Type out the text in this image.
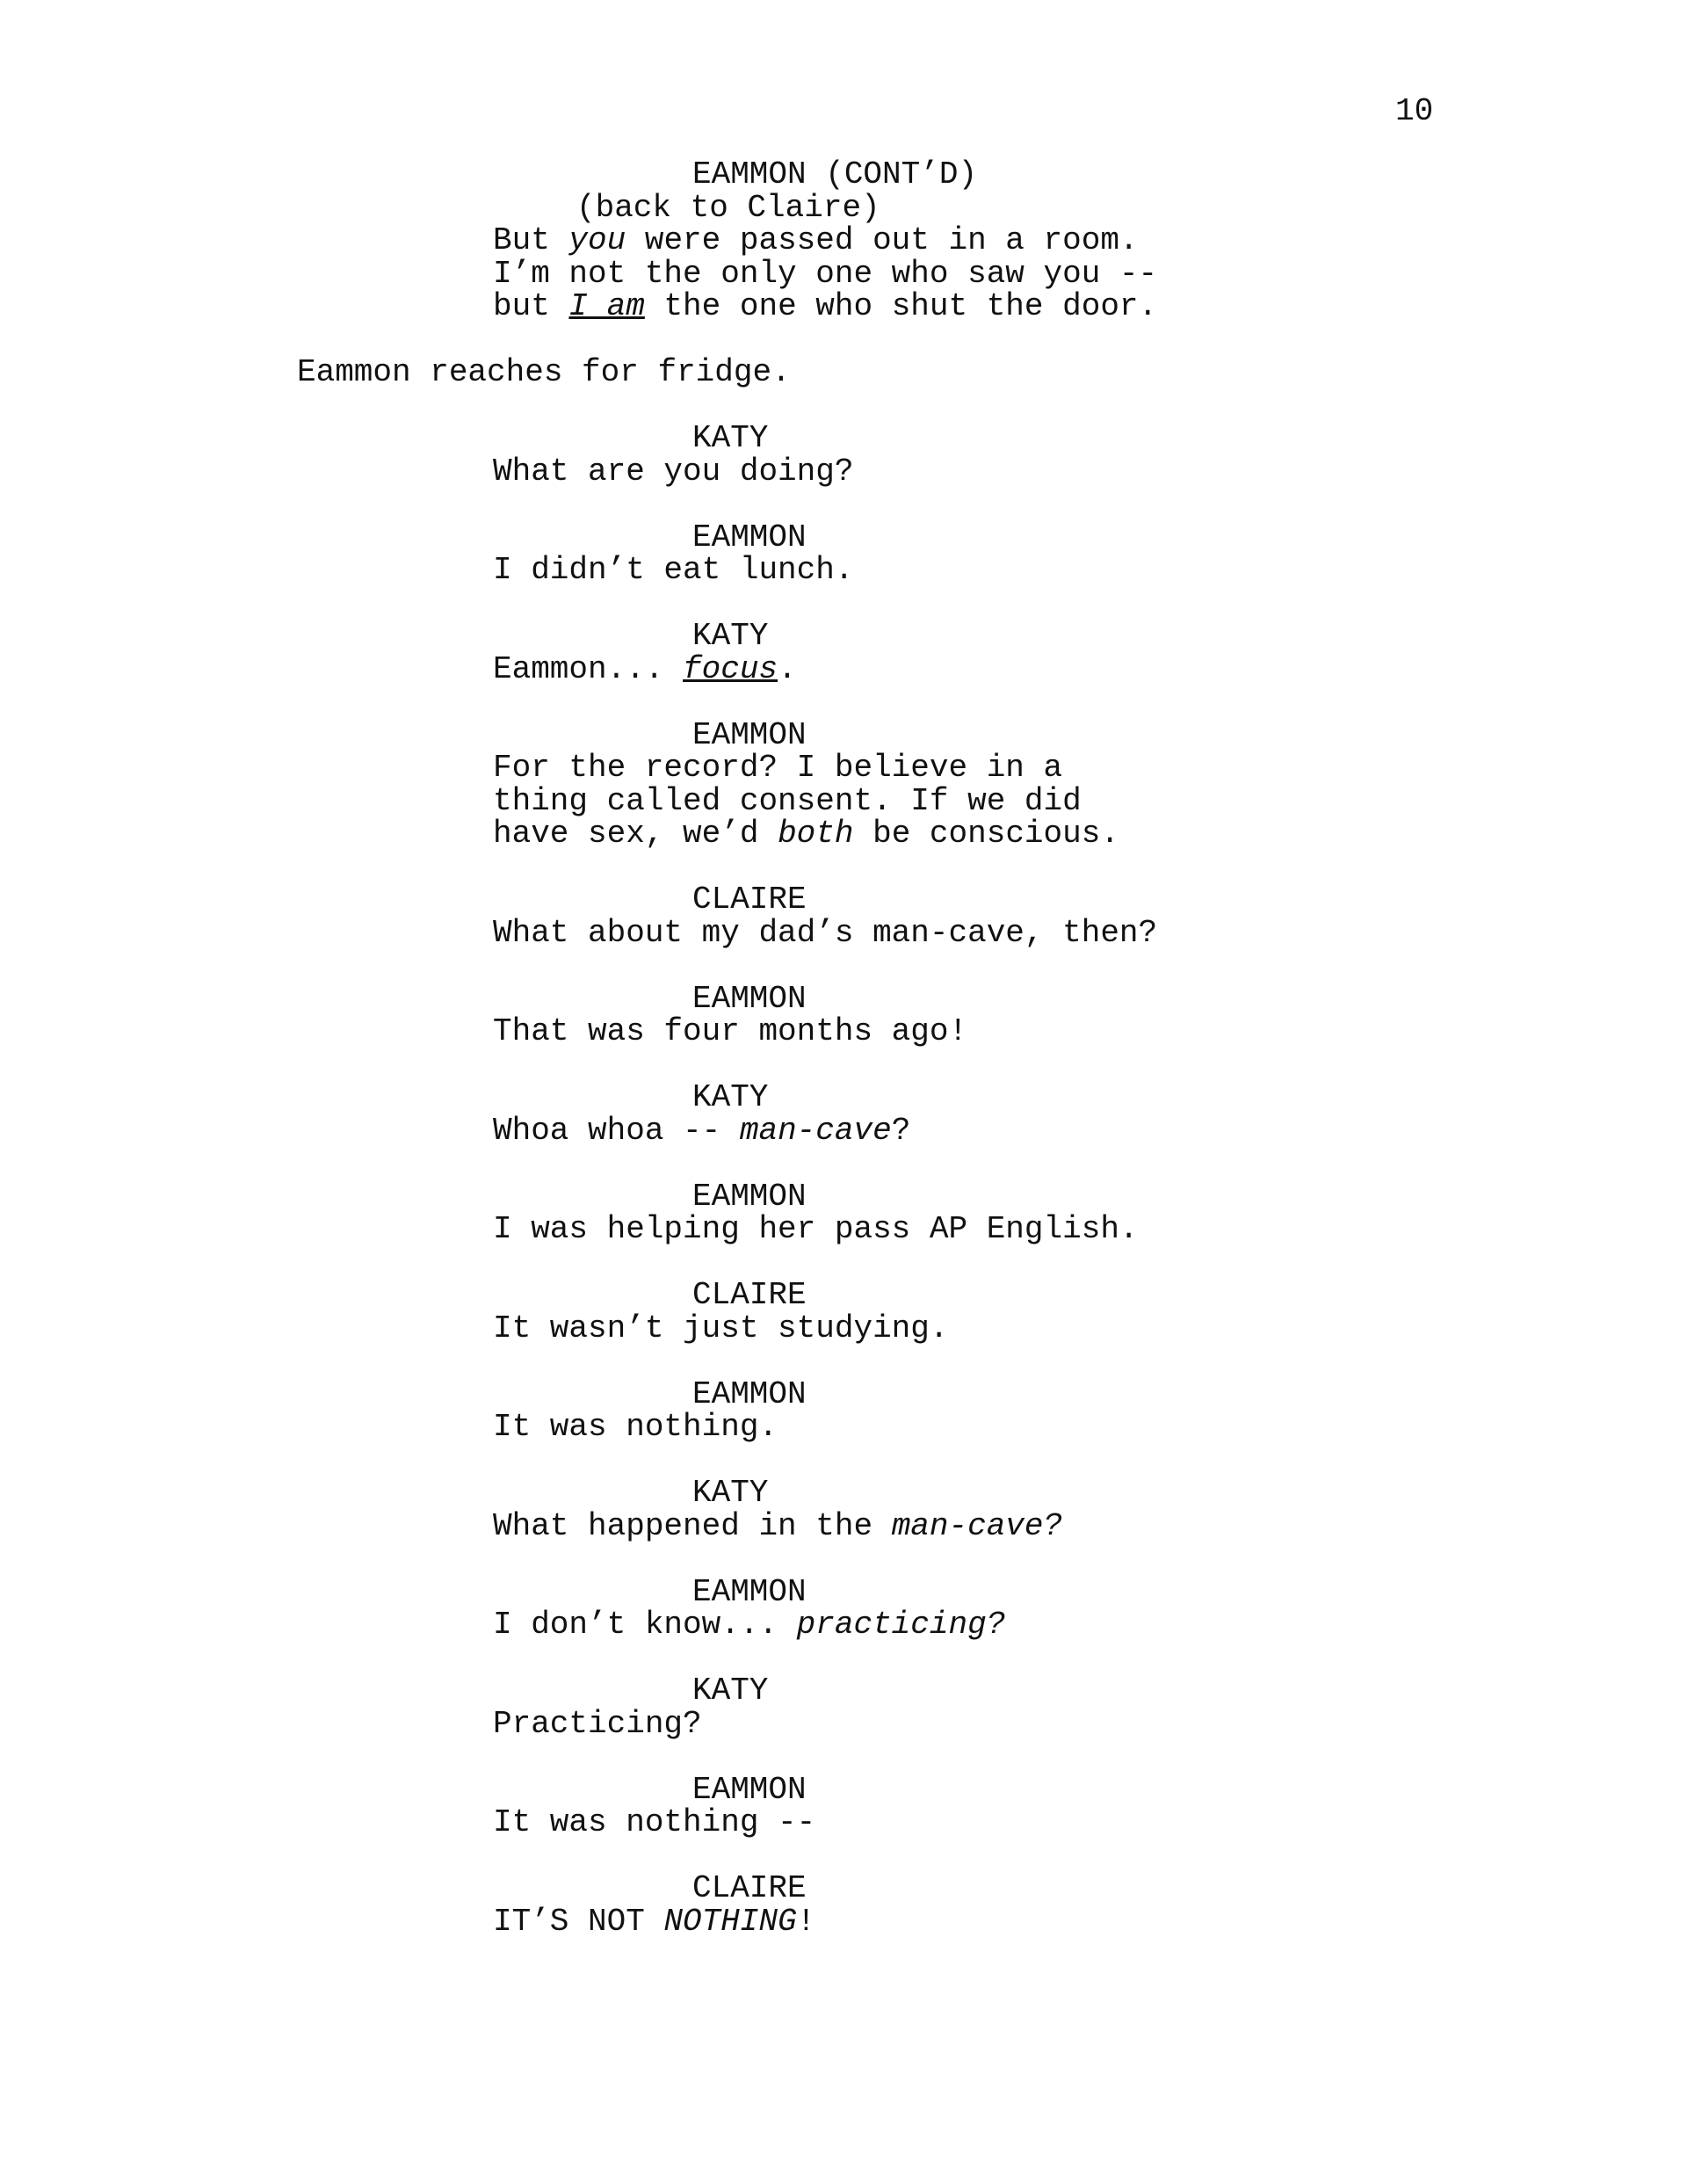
10
EAMMON (CONT’D)
(back to Claire)
But you were passed out in a room.
I’m not the only one who saw you --
but I am the one who shut the door.
Eammon reaches for fridge.
KATY
What are you doing?
EAMMON
I didn’t eat lunch.
KATY
Eammon... focus.
EAMMON
For the record? I believe in a
thing called consent. If we did
have sex, we’d both be conscious.
CLAIRE
What about my dad’s man-cave, then?
EAMMON
That was four months ago!
KATY
Whoa whoa -- man-cave?
EAMMON
I was helping her pass AP English.
CLAIRE
It wasn’t just studying.
EAMMON
It was nothing.
KATY
What happened in the man-cave?
EAMMON
I don’t know... practicing?
KATY
Practicing?
EAMMON
It was nothing --
CLAIRE
IT’S NOT NOTHING!
